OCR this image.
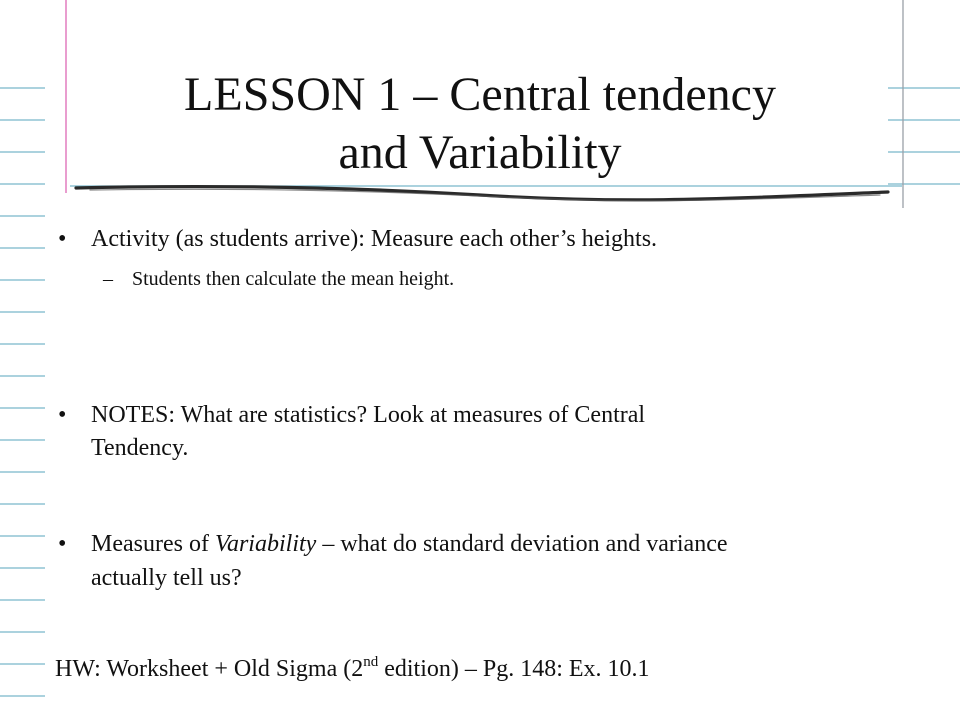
LESSON 1 – Central tendency
and Variability
• Activity (as students arrive): Measure each other’s heights.
– Students then calculate the mean height.
• NOTES: What are statistics? Look at measures of Central
Tendency.
• Measures of Variability – what do standard deviation and variance
actually tell us?
HW: Worksheet + Old Sigma (2nd edition) – Pg. 148: Ex. 10.1
